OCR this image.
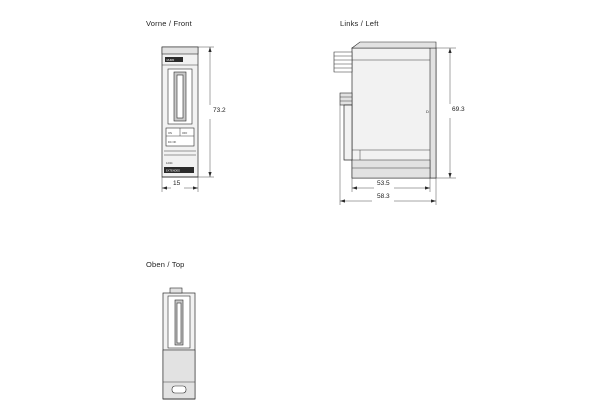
Vorne / Front	Links / Left
Oben / Top
MURR
ON	OFF
DC OK
12/24
EXTENDED
73.2
15
D	69.3
53.5
58.3
